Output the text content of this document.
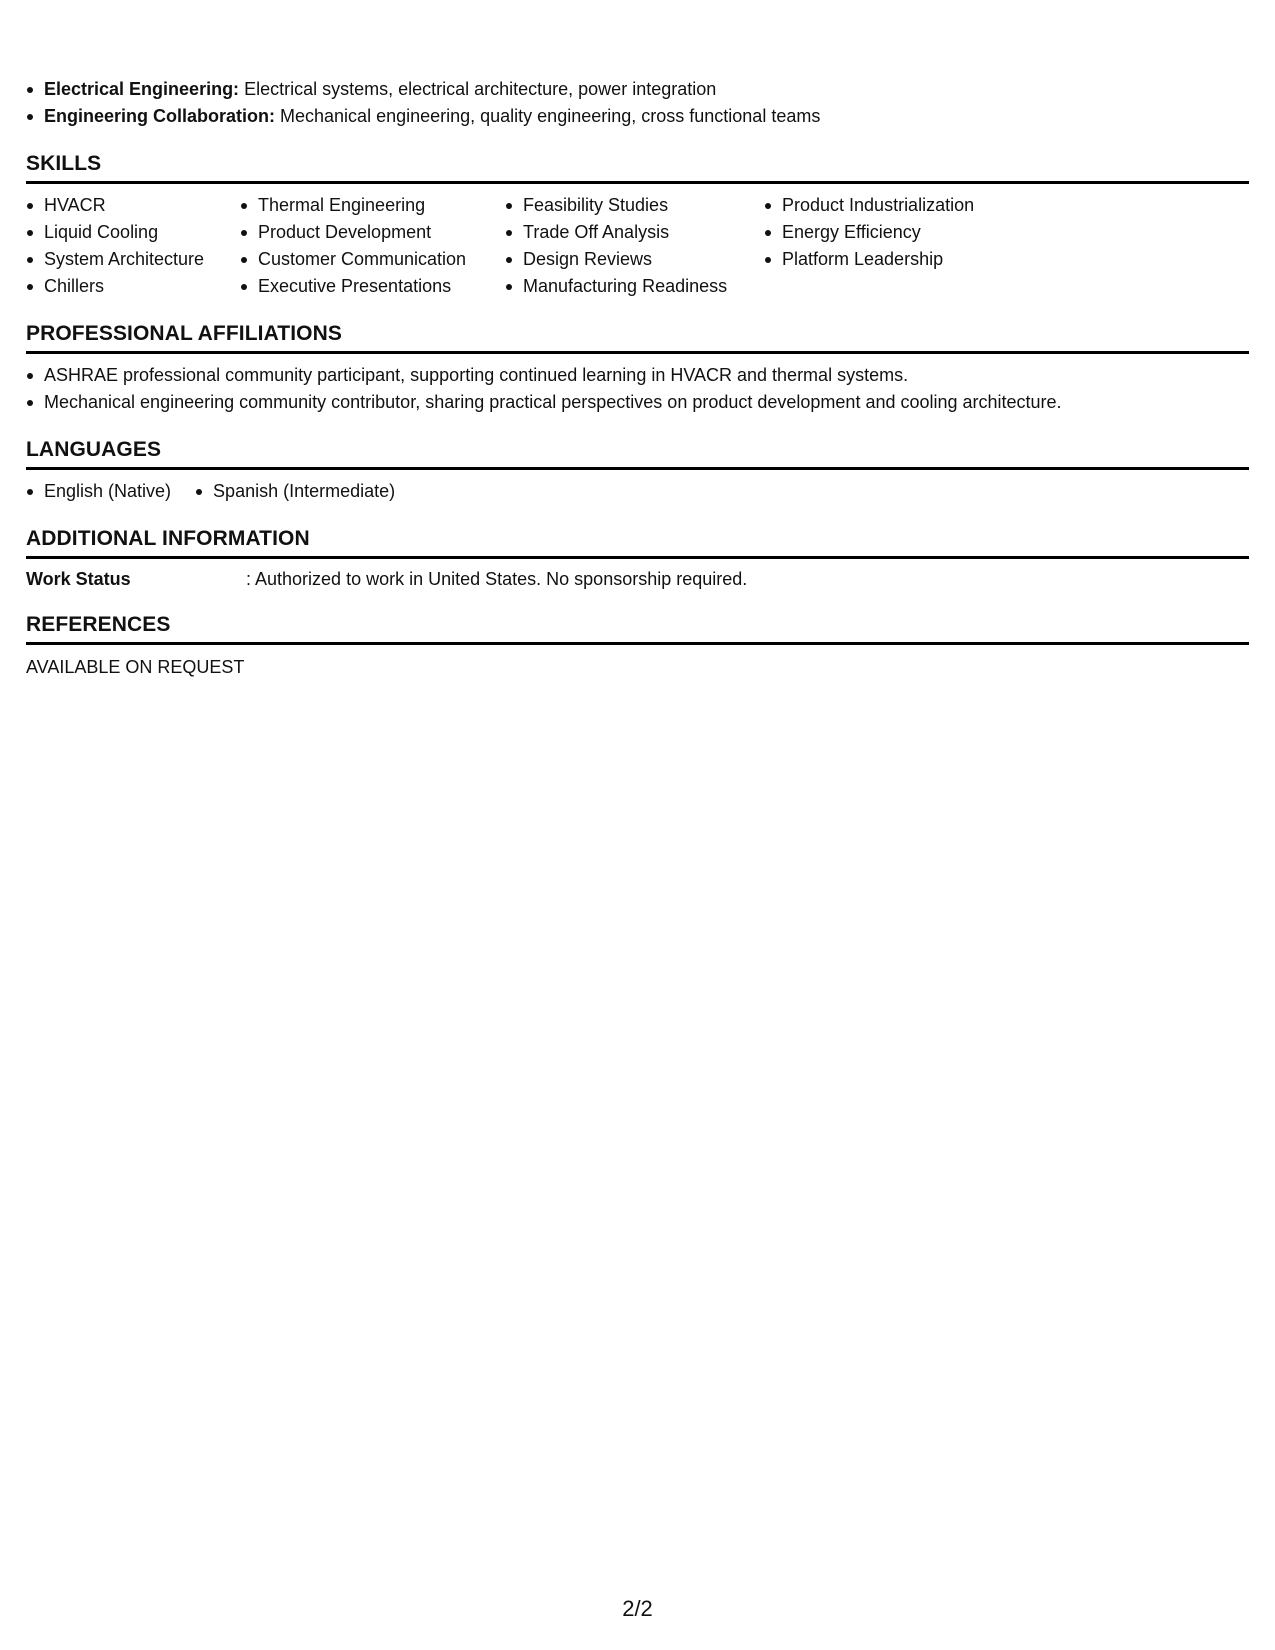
Electrical Engineering: Electrical systems, electrical architecture, power integration
Engineering Collaboration: Mechanical engineering, quality engineering, cross functional teams
SKILLS
HVACR
Liquid Cooling
System Architecture
Chillers
Thermal Engineering
Product Development
Customer Communication
Executive Presentations
Feasibility Studies
Trade Off Analysis
Design Reviews
Manufacturing Readiness
Product Industrialization
Energy Efficiency
Platform Leadership
PROFESSIONAL AFFILIATIONS
ASHRAE professional community participant, supporting continued learning in HVACR and thermal systems.
Mechanical engineering community contributor, sharing practical perspectives on product development and cooling architecture.
LANGUAGES
English (Native)	Spanish (Intermediate)
ADDITIONAL INFORMATION
Work Status	: Authorized to work in United States. No sponsorship required.
REFERENCES
AVAILABLE ON REQUEST
2/2
